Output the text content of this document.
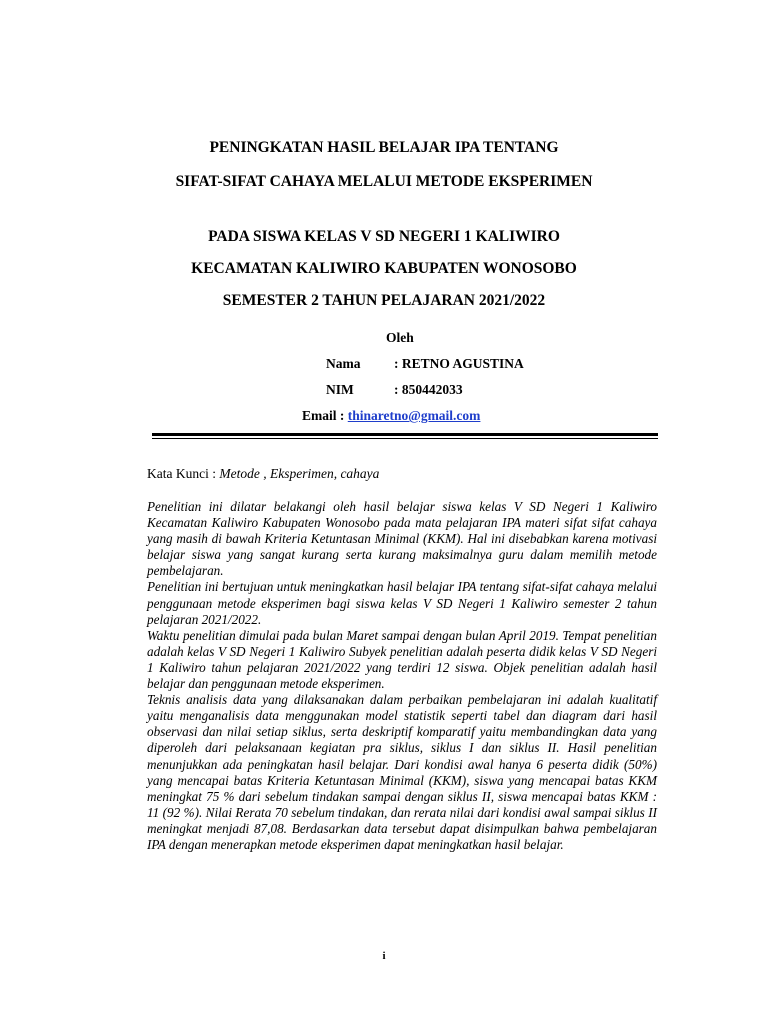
PENINGKATAN HASIL BELAJAR IPA TENTANG
SIFAT-SIFAT CAHAYA MELALUI METODE EKSPERIMEN
PADA SISWA KELAS V SD NEGERI 1 KALIWIRO
KECAMATAN KALIWIRO KABUPATEN WONOSOBO
SEMESTER 2 TAHUN PELAJARAN 2021/2022
Oleh
Nama : RETNO AGUSTINA
NIM	: 850442033
Email : thinaretno@gmail.com
Kata Kunci : Metode , Eksperimen, cahaya

Penelitian ini dilatar belakangi oleh hasil belajar siswa kelas V SD Negeri 1 Kaliwiro Kecamatan Kaliwiro Kabupaten Wonosobo pada mata pelajaran IPA materi sifat sifat cahaya yang masih di bawah Kriteria Ketuntasan Minimal (KKM). Hal ini disebabkan karena motivasi belajar siswa yang sangat kurang serta kurang maksimalnya guru dalam memilih metode pembelajaran.

Penelitian ini bertujuan untuk meningkatkan hasil belajar IPA tentang sifat-sifat cahaya melalui penggunaan metode eksperimen bagi siswa kelas V SD Negeri 1 Kaliwiro semester 2 tahun pelajaran 2021/2022.

Waktu penelitian dimulai pada bulan Maret sampai dengan bulan April 2019. Tempat penelitian adalah kelas V SD Negeri 1 Kaliwiro Subyek penelitian adalah peserta didik kelas V SD Negeri 1 Kaliwiro tahun pelajaran 2021/2022 yang terdiri 12 siswa. Objek penelitian adalah hasil belajar dan penggunaan metode eksperimen.

Teknis analisis data yang dilaksanakan dalam perbaikan pembelajaran ini adalah kualitatif yaitu menganalisis data menggunakan model statistik seperti tabel dan diagram dari hasil observasi dan nilai setiap siklus, serta deskriptif komparatif yaitu membandingkan data yang diperoleh dari pelaksanaan kegiatan pra siklus, siklus I dan siklus II. Hasil penelitian menunjukkan ada peningkatan hasil belajar. Dari kondisi awal hanya 6 peserta didik (50%) yang mencapai batas Kriteria Ketuntasan Minimal (KKM), siswa yang mencapai batas KKM meningkat 75 % dari sebelum tindakan sampai dengan siklus II, siswa mencapai batas KKM : 11 (92 %). Nilai Rerata 70 sebelum tindakan, dan rerata nilai dari kondisi awal sampai siklus II meningkat menjadi 87,08. Berdasarkan data tersebut dapat disimpulkan bahwa pembelajaran IPA dengan menerapkan metode eksperimen dapat meningkatkan hasil belajar.

i
